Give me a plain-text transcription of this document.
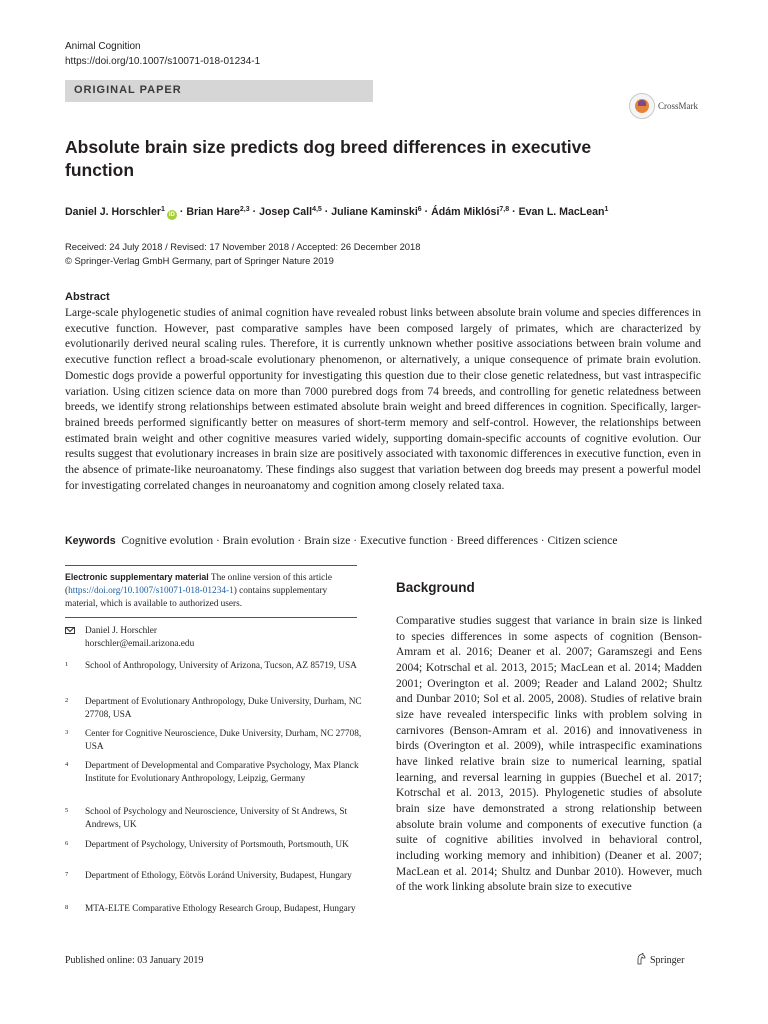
Animal Cognition
https://doi.org/10.1007/s10071-018-01234-1
ORIGINAL PAPER
CrossMark
Absolute brain size predicts dog breed differences in executive function
Daniel J. Horschler$^1$iD · Brian Hare$^{2,3}$ · Josep Call$^{4,5}$ · Juliane Kaminski$^6$ · Ádám Miklósi$^{7,8}$ · Evan L. MacLean$^1$
Received: 24 July 2018 / Revised: 17 November 2018 / Accepted: 26 December 2018
© Springer-Verlag GmbH Germany, part of Springer Nature 2019
Abstract
Large-scale phylogenetic studies of animal cognition have revealed robust links between absolute brain volume and species differences in executive function. However, past comparative samples have been composed largely of primates, which are characterized by evolutionarily derived neural scaling rules. Therefore, it is currently unknown whether positive associations between brain volume and executive function reflect a broad-scale evolutionary phenomenon, or alternatively, a unique consequence of primate brain evolution. Domestic dogs provide a powerful opportunity for investigating this question due to their close genetic relatedness, but vast intraspecific variation. Using citizen science data on more than 7000 purebred dogs from 74 breeds, and controlling for genetic relatedness between breeds, we identify strong relationships between estimated absolute brain weight and breed differences in cognition. Specifically, larger-brained breeds performed significantly better on measures of short-term memory and self-control. However, the relationships between estimated brain weight and other cognitive measures varied widely, supporting domain-specific accounts of cognitive evolution. Our results suggest that evolutionary increases in brain size are positively associated with taxonomic differences in executive function, even in the absence of primate-like neuroanatomy. These findings also suggest that variation between dog breeds may present a powerful model for investigating correlated changes in neuroanatomy and cognition among closely related taxa.
Keywords Cognitive evolution · Brain evolution · Brain size · Executive function · Breed differences · Citizen science
Electronic supplementary material The online version of this article (https://doi.org/10.1007/s10071-018-01234-1) contains supplementary material, which is available to authorized users.
Daniel J. Horschler
horschler@email.arizona.edu
1 School of Anthropology, University of Arizona, Tucson, AZ 85719, USA
2 Department of Evolutionary Anthropology, Duke University, Durham, NC 27708, USA
3 Center for Cognitive Neuroscience, Duke University, Durham, NC 27708, USA
4 Department of Developmental and Comparative Psychology, Max Planck Institute for Evolutionary Anthropology, Leipzig, Germany
5 School of Psychology and Neuroscience, University of St Andrews, St Andrews, UK
6 Department of Psychology, University of Portsmouth, Portsmouth, UK
7 Department of Ethology, Eötvös Loránd University, Budapest, Hungary
8 MTA-ELTE Comparative Ethology Research Group, Budapest, Hungary
Background
Comparative studies suggest that variance in brain size is linked to species differences in some aspects of cognition (Benson-Amram et al. 2016; Deaner et al. 2007; Garamszegi and Eens 2004; Kotrschal et al. 2013, 2015; MacLean et al. 2014; Madden 2001; Overington et al. 2009; Reader and Laland 2002; Shultz and Dunbar 2010; Sol et al. 2005, 2008). Studies of relative brain size have revealed interspecific links with problem solving in carnivores (Benson-Amram et al. 2016) and innovativeness in birds (Overington et al. 2009), while intraspecific examinations have linked relative brain size to numerical learning, spatial learning, and reversal learning in guppies (Buechel et al. 2017; Kotrschal et al. 2013, 2015). Phylogenetic studies of absolute brain size have demonstrated a strong relationship between absolute brain volume and components of executive function (a suite of cognitive abilities involved in behavioral control, including working memory and inhibition) (Deaner et al. 2007; MacLean et al. 2014; Shultz and Dunbar 2010). However, much of the work linking absolute brain size to executive
Published online: 03 January 2019	Springer
